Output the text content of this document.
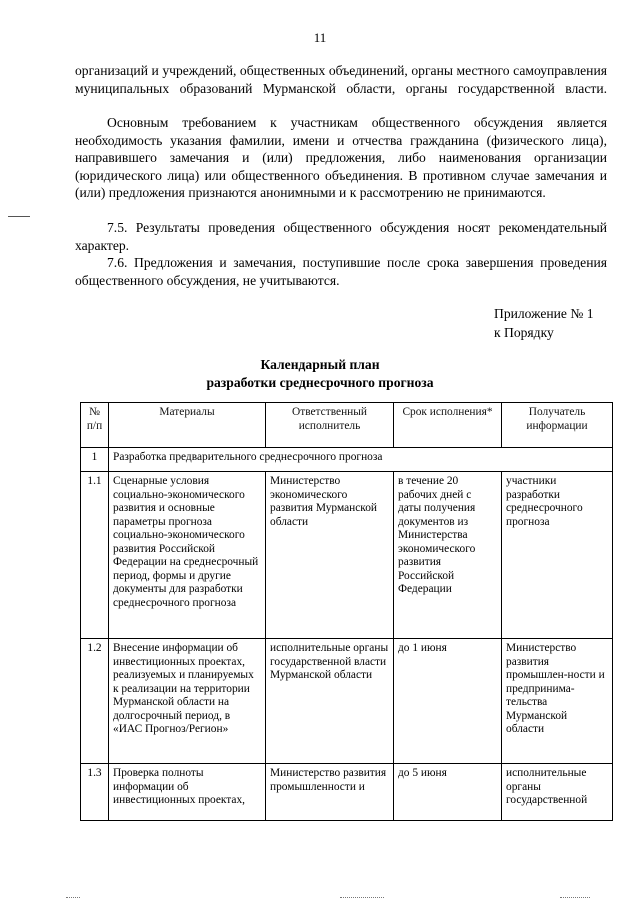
11
организаций и учреждений, общественных объединений, органы местного самоуправления муниципальных образований Мурманской области, органы государственной власти.
Основным требованием к участникам общественного обсуждения является необходимость указания фамилии, имени и отчества гражданина (физического лица), направившего замечания и (или) предложения, либо наименования организации (юридического лица) или общественного объединения. В противном случае замечания и (или) предложения признаются анонимными и к рассмотрению не принимаются.
7.5. Результаты проведения общественного обсуждения носят рекомендательный характер.
7.6. Предложения и замечания, поступившие после срока завершения проведения общественного обсуждения, не учитываются.
Приложение № 1
к Порядку
Календарный план
разработки среднесрочного прогноза
№ п/п	Материалы	Ответственный исполнитель	Срок исполнения*	Получатель информации
1	Разработка предварительного среднесрочного прогноза			
1.1	Сценарные условия социально-экономического развития и основные параметры прогноза социально-экономического развития Российской Федерации на среднесрочный период, формы и другие документы для разработки среднесрочного прогноза	Министерство экономического развития Мурманской области	в течение 20 рабочих дней с даты получения документов из Министерства экономического развития Российской Федерации	участники разработки среднесрочного прогноза
1.2	Внесение информации об инвестиционных проектах, реализуемых и планируемых к реализации на территории Мурманской области на долгосрочный период, в «ИАС Прогноз/Регион»	исполнительные органы государственной власти Мурманской области	до 1 июня	Министерство развития промышлен-ности и предпринима-тельства Мурманской области
1.3	Проверка полноты информации об инвестиционных проектах,	Министерство развития промышленности и	до 5 июня	исполнительные органы государственной
